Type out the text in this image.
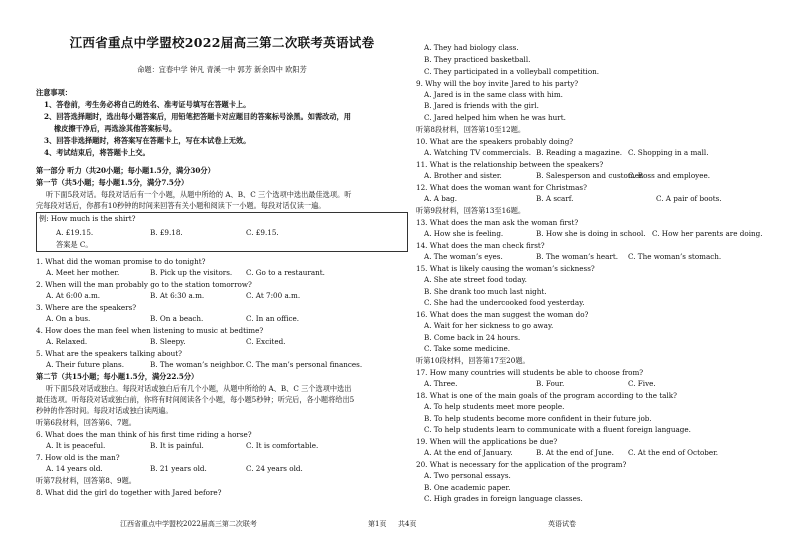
江西省重点中学盟校2022届高三第二次联考英语试卷
命题：宜春中学 钟凡 青溪一中 郭芳 新余四中 欧阳芳
注意事项：
1、答卷前，考生务必将自己的姓名、准考证号填写在答题卡上。
2、回答选择题时，选出每小题答案后，用铅笔把答题卡对应题目的答案标号涂黑。如需改动，用
橡皮擦干净后，再选涂其他答案标号。
3、回答非选择题时，将答案写在答题卡上，写在本试卷上无效。
4、考试结束后，将答题卡上交。
第一部分 听力（共20小题；每小题1.5分，满分30分）
第一节（共5小题；每小题1.5分，满分7.5分）
听下面5段对话。每段对话后有一个小题，从题中所给的 A、B、C 三个选项中选出最佳选项。听
完每段对话后，你都有10秒钟的时间来回答有关小题和阅读下一小题。每段对话仅读一遍。
例: How much is the shirt?
A. £19.15.	B. £9.18.	C. £9.15.
答案是 C。
1. What did the woman promise to do tonight?
A. Meet her mother.	B. Pick up the visitors. C. Go to a restaurant.
2. When will the man probably go to the station tomorrow?
A. At 6:00 a.m.	B. At 6:30 a.m.	C. At 7:00 a.m.
3. Where are the speakers?
A. On a bus.	B. On a beach.	C. In an office.
4. How does the man feel when listening to music at bedtime?
A. Relaxed.	B. Sleepy.	C. Excited.
5. What are the speakers talking about?
A. Their future plans.	B. The woman’s neighbor. C. The man’s personal finances.
第二节（共15小题；每小题1.5分，满分22.5分）
听下面5段对话或独白。每段对话或独白后有几个小题，从题中所给的 A、B、C 三个选项中选出
最佳选项。听每段对话或独白前，你将有时间阅读各个小题，每小题5秒钟；听完后，各小题将给出5
秒钟的作答时间。每段对话或独白读两遍。
听第6段材料，回答第6、7题。
6. What does the man think of his first time riding a horse?
A. It is peaceful.	B. It is painful.	C. It is comfortable.
7. How old is the man?
A. 14 years old.	B. 21 years old.	C. 24 years old.
听第7段材料，回答第8、9题。
8. What did the girl do together with Jared before?
A. They had biology class.
B. They practiced basketball.
C. They participated in a volleyball competition.
9. Why will the boy invite Jared to his party?
A. Jared is in the same class with him.
B. Jared is friends with the girl.
C. Jared helped him when he was hurt.
听第8段材料，回答第10至12题。
10. What are the speakers probably doing?
A. Watching TV commercials. B. Reading a magazine. C. Shopping in a mall.
11. What is the relationship between the speakers?
A. Brother and sister.	B. Salesperson and customer.
C. Boss and employee.
12. What does the woman want for Christmas?
A. A bag.	B. A scarf.	C. A pair of boots.
听第9段材料，回答第13至16题。
13. What does the man ask the woman first?
A. How she is feeling.	B. How she is doing in school. C. How her parents are doing.
14. What does the man check first?
A. The woman’s eyes.	B. The woman’s heart. C. The woman’s stomach.
15. What is likely causing the woman’s sickness?
A. She ate street food today.
B. She drank too much last night.
C. She had the undercooked food yesterday.
16. What does the man suggest the woman do?
A. Wait for her sickness to go away.
B. Come back in 24 hours.
C. Take some medicine.
听第10段材料，回答第17至20题。
17. How many countries will students be able to choose from?
A. Three.	B. Four.	C. Five.
18. What is one of the main goals of the program according to the talk?
A. To help students meet more people.
B. To help students become more confident in their future job.
C. To help students learn to communicate with a fluent foreign language.
19. When will the applications be due?
A. At the end of January.	B. At the end of June. C. At the end of October.
20. What is necessary for the application of the program?
A. Two personal essays.
B. One academic paper.
C. High grades in foreign language classes.
江西省重点中学盟校2022届高三第二次联考	第1页 共4页	英语试卷
